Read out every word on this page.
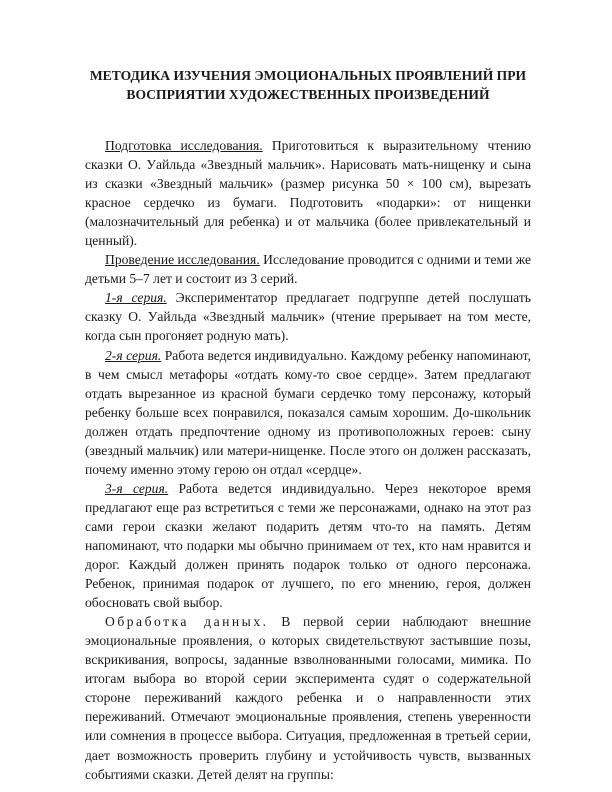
МЕТОДИКА ИЗУЧЕНИЯ ЭМОЦИОНАЛЬНЫХ ПРОЯВЛЕНИЙ ПРИ ВОСПРИЯТИИ ХУДОЖЕСТВЕННЫХ ПРОИЗВЕДЕНИЙ

Подготовка исследования. Приготовиться к выразительному чтению сказки О. Уайльда «Звездный мальчик». Нарисовать мать-нищенку и сына из сказки «Звездный мальчик» (размер рисунка 50 × 100 см), вырезать красное сердечко из бумаги. Подготовить «подарки»: от нищенки (малозначительный для ребенка) и от мальчика (более привлекательный и ценный).

Проведение исследования. Исследование проводится с одними и теми же детьми 5–7 лет и состоит из 3 серий.

1-я серия. Экспериментатор предлагает подгруппе детей послушать сказку О. Уайльда «Звездный мальчик» (чтение прерывает на том месте, когда сын прогоняет родную мать).

2-я серия. Работа ведется индивидуально. Каждому ребенку напоминают, в чем смысл метафоры «отдать кому-то свое сердце». Затем предлагают отдать вырезанное из красной бумаги сердечко тому персонажу, который ребенку больше всех понравился, показался самым хорошим. До-школьник должен отдать предпочтение одному из противоположных героев: сыну (звездный мальчик) или матери-нищенке. После этого он должен рассказать, почему именно этому герою он отдал «сердце».

3-я серия. Работа ведется индивидуально. Через некоторое время предлагают еще раз встретиться с теми же персонажами, однако на этот раз сами герои сказки желают подарить детям что-то на память. Детям напоминают, что подарки мы обычно принимаем от тех, кто нам нравится и дорог. Каждый должен принять подарок только от одного персонажа. Ребенок, принимая подарок от лучшего, по его мнению, героя, должен обосновать свой выбор.

Обработка данных. В первой серии наблюдают внешние эмоциональные проявления, о которых свидетельствуют застывшие позы, вскрикивания, вопросы, заданные взволнованными голосами, мимика. По итогам выбора во второй серии эксперимента судят о содержательной стороне переживаний каждого ребенка и о направленности этих переживаний. Отмечают эмоциональные проявления, степень уверенности или сомнения в процессе выбора. Ситуация, предложенная в третьей серии, дает возможность проверить глубину и устойчивость чувств, вызванных событиями сказки. Детей делят на группы:
